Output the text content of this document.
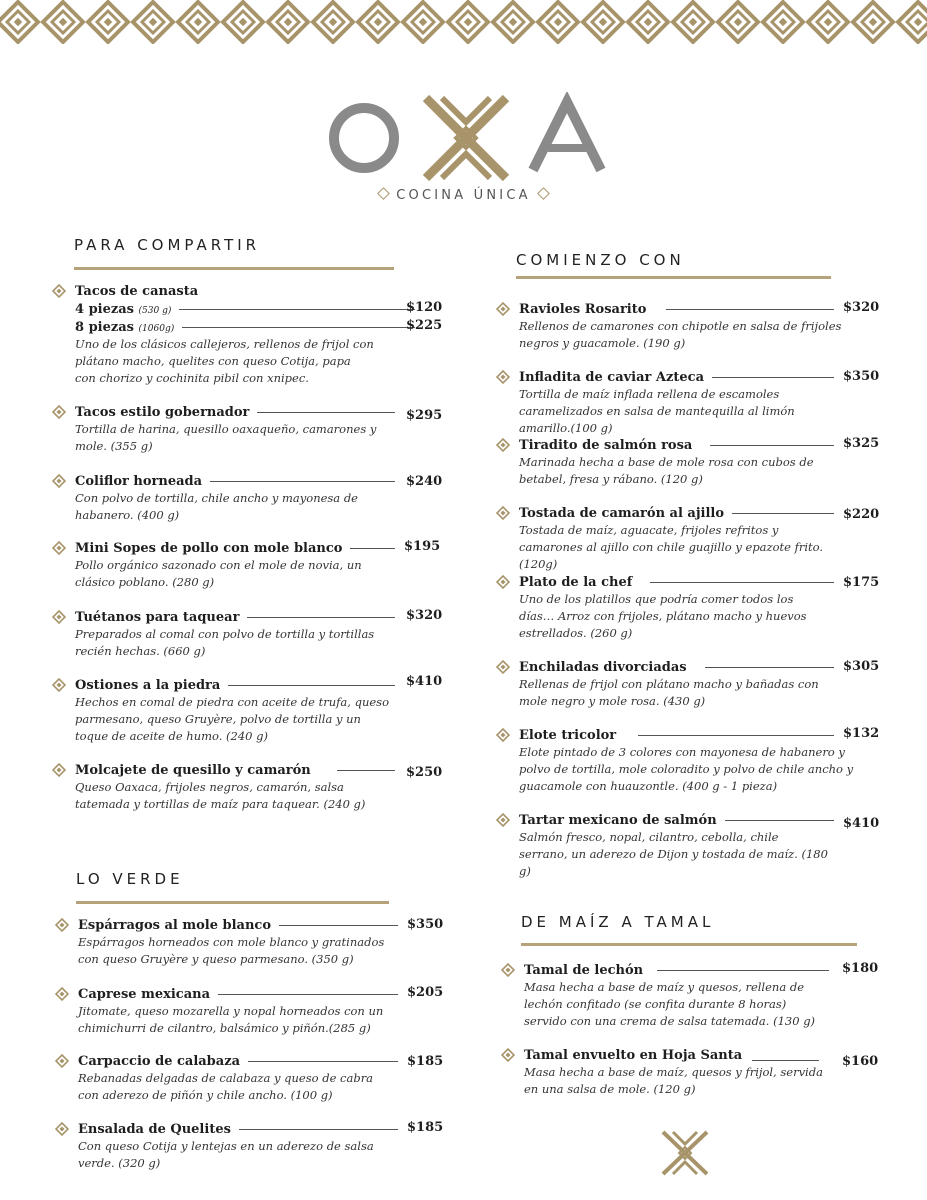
COCINA ÚNICA
PARA COMPARTIR
COMIENZO CON
LO VERDE
DE MAÍZ A TAMAL
Tacos de canasta
4 piezas (530 g)	$120
8 piezas (1060g)	$225
Uno de los clásicos callejeros, rellenos de frijol con plátano macho, quelites con queso Cotija, papa con chorizo y cochinita pibil con xnipec.
Tacos estilo gobernador	$295
Tortilla de harina, quesillo oaxaqueño, camarones y mole. (355 g)
Coliflor horneada	$240
Con polvo de tortilla, chile ancho y mayonesa de habanero. (400 g)
Mini Sopes de pollo con mole blanco	$195
Pollo orgánico sazonado con el mole de novia, un clásico poblano. (280 g)
Tuétanos para taquear	$320
Preparados al comal con polvo de tortilla y tortillas recién hechas. (660 g)
Ostiones a la piedra	$410
Hechos en comal de piedra con aceite de trufa, queso parmesano, queso Gruyère, polvo de tortilla y un toque de aceite de humo. (240 g)
Molcajete de quesillo y camarón	$250
Queso Oaxaca, frijoles negros, camarón, salsa tatemada y tortillas de maíz para taquear. (240 g)
Espárragos al mole blanco	$350
Espárragos horneados con mole blanco y gratinados con queso Gruyère y queso parmesano. (350 g)
Caprese mexicana	$205
Jitomate, queso mozarella y nopal horneados con un chimichurri de cilantro, balsámico y piñón.(285 g)
Carpaccio de calabaza	$185
Rebanadas delgadas de calabaza y queso de cabra con aderezo de piñón y chile ancho. (100 g)
Ensalada de Quelites	$185
Con queso Cotija y lentejas en un aderezo de salsa verde. (320 g)
Ravioles Rosarito	$320
Rellenos de camarones con chipotle en salsa de frijoles negros y guacamole. (190 g)
Infladita de caviar Azteca	$350
Tortilla de maíz inflada rellena de escamoles caramelizados en salsa de mantequilla al limón amarillo.(100 g)
Tiradito de salmón rosa	$325
Marinada hecha a base de mole rosa con cubos de betabel, fresa y rábano. (120 g)
Tostada de camarón al ajillo	$220
Tostada de maíz, aguacate, frijoles refritos y camarones al ajillo con chile guajillo y epazote frito. (120g)
Plato de la chef	$175
Uno de los platillos que podría comer todos los días… Arroz con frijoles, plátano macho y huevos estrellados. (260 g)
Enchiladas divorciadas	$305
Rellenas de frijol con plátano macho y bañadas con mole negro y mole rosa. (430 g)
Elote tricolor	$132
Elote pintado de 3 colores con mayonesa de habanero y polvo de tortilla, mole coloradito y polvo de chile ancho y guacamole con huauzontle. (400 g - 1 pieza)
Tartar mexicano de salmón	$410
Salmón fresco, nopal, cilantro, cebolla, chile serrano, un aderezo de Dijon y tostada de maíz. (180 g)
Tamal de lechón	$180
Masa hecha a base de maíz y quesos, rellena de lechón confitado (se confita durante 8 horas) servido con una crema de salsa tatemada. (130 g)
Tamal envuelto en Hoja Santa	$160
Masa hecha a base de maíz, quesos y frijol, servida en una salsa de mole. (120 g)
